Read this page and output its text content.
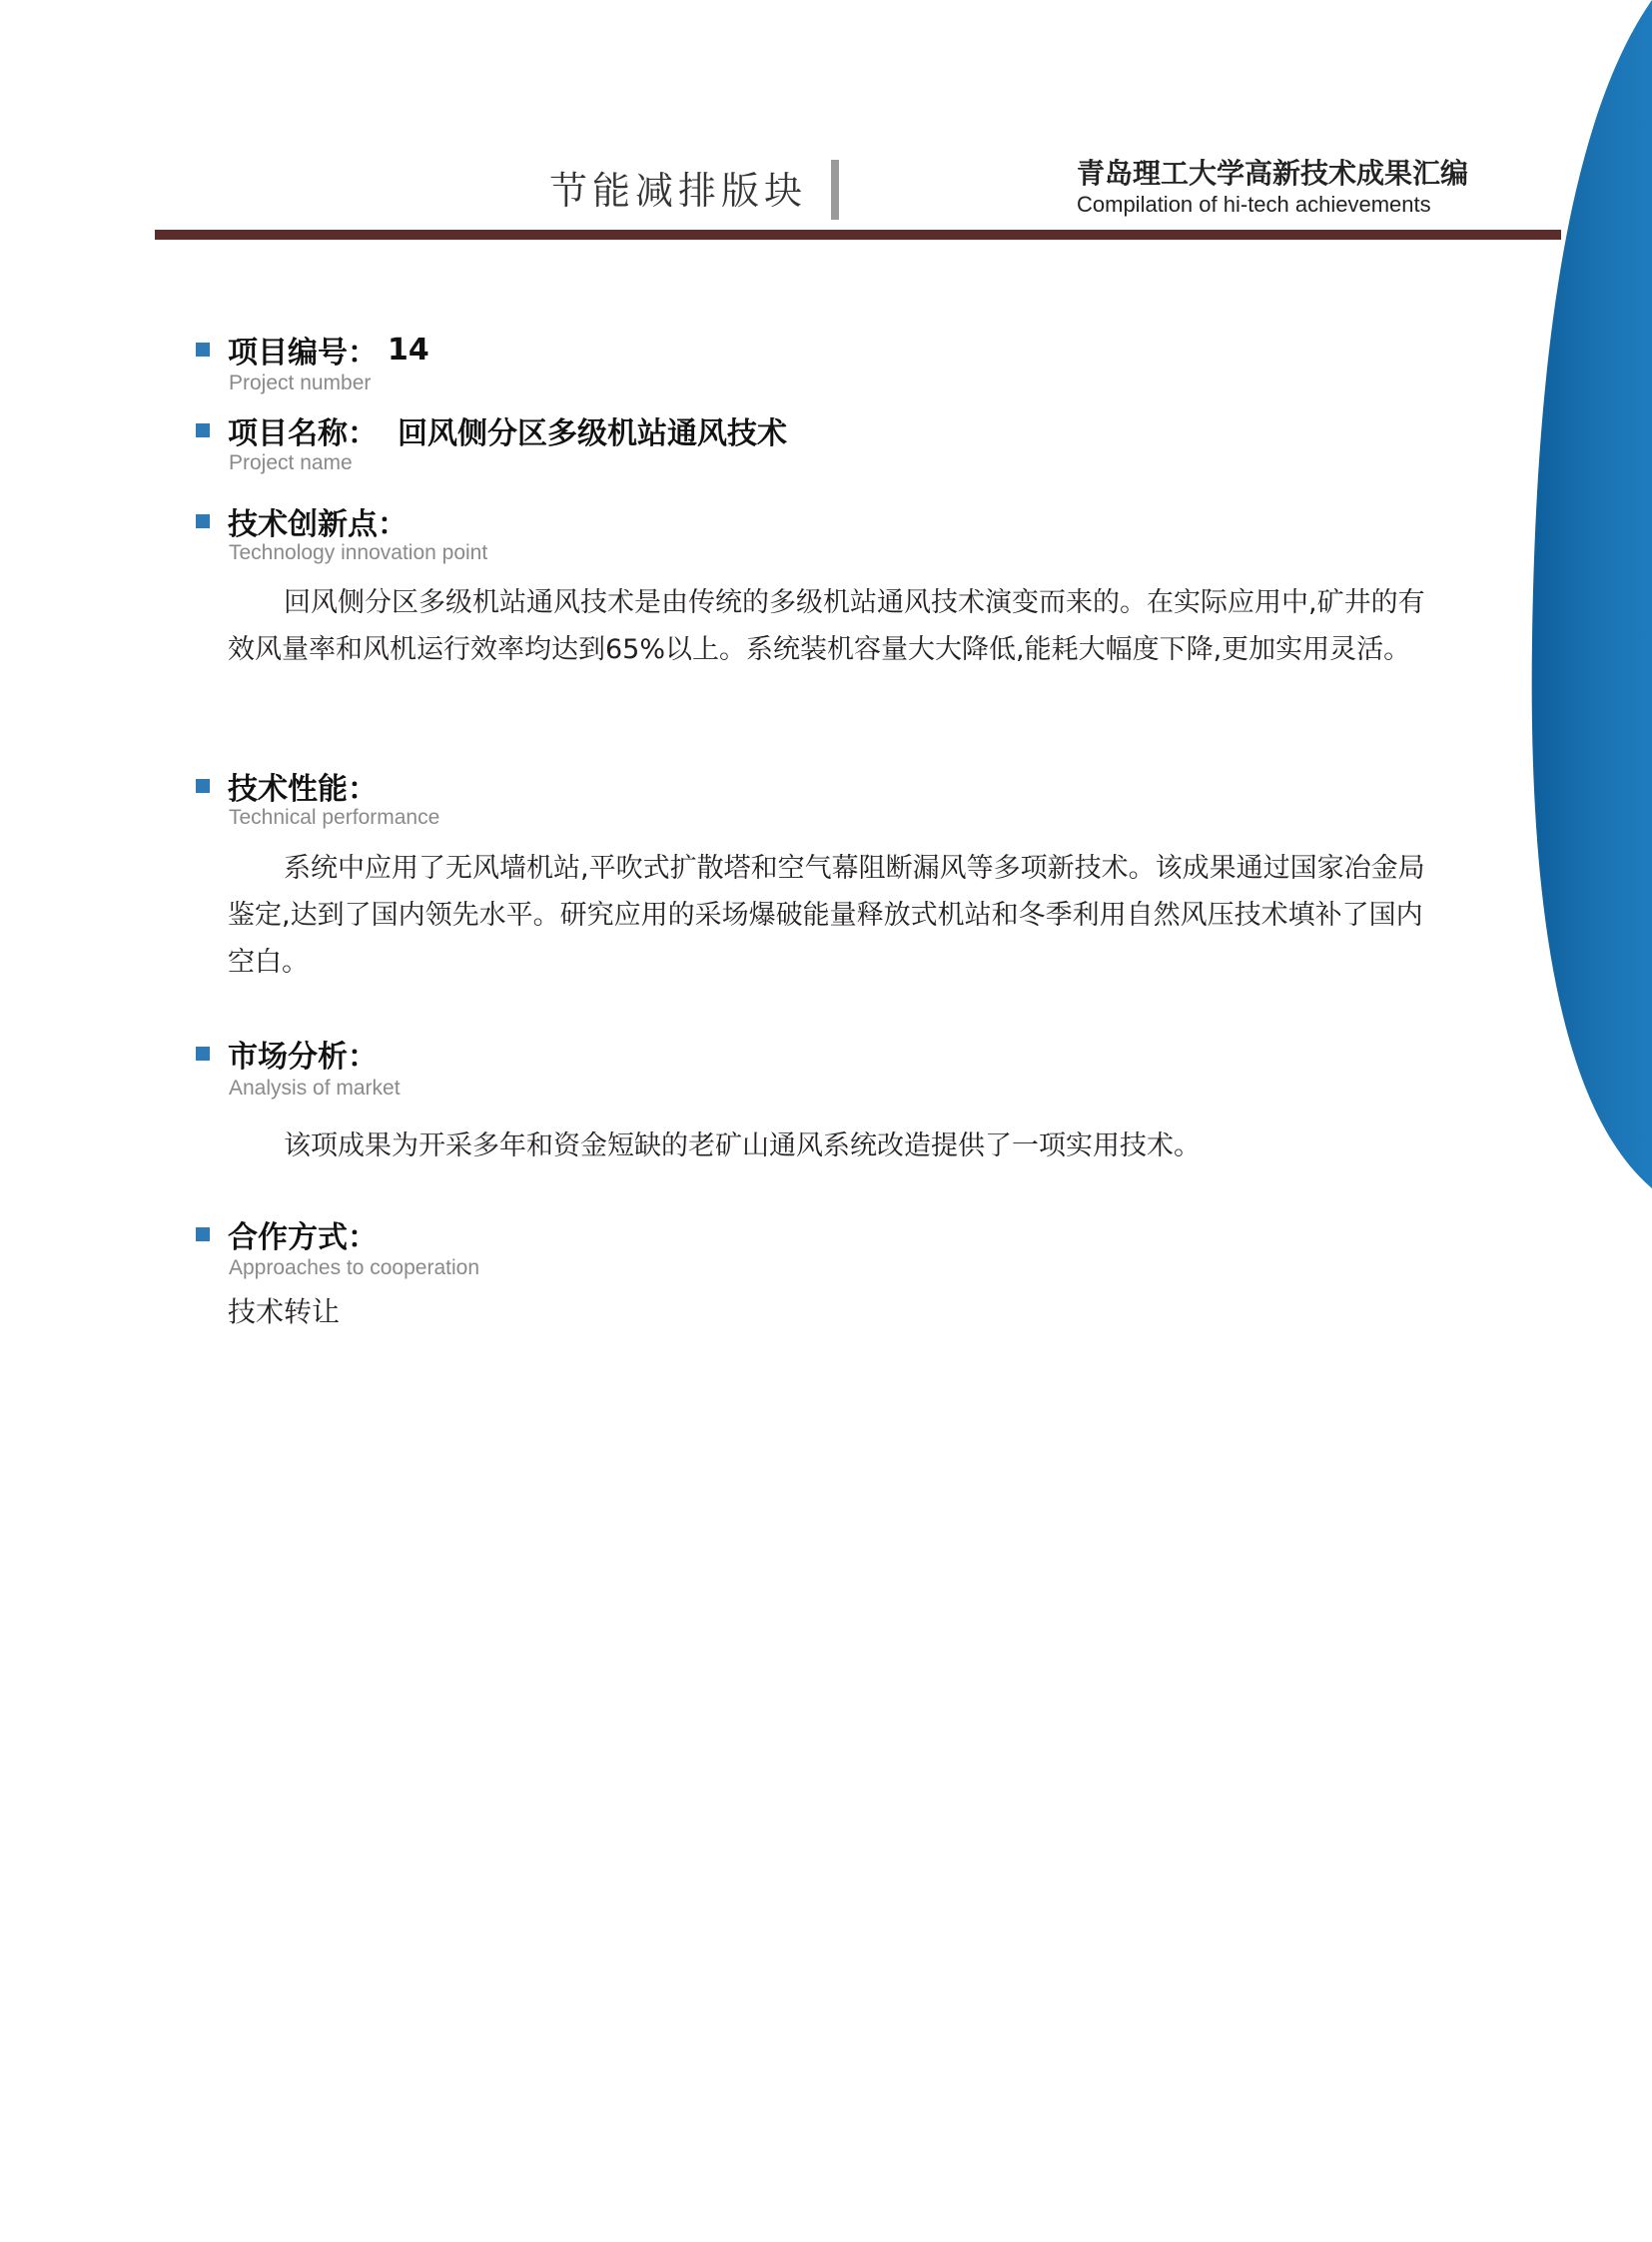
节能减排版块	青岛理工大学高新技术成果汇编
Compilation of hi-tech achievements
项目编号： 14
Project number
项目名称： 回风侧分区多级机站通风技术
Project name
技术创新点：
Technology innovation point
回风侧分区多级机站通风技术是由传统的多级机站通风技术演变而来的。在实际应用中,矿井的有效风量率和风机运行效率均达到65%以上。系统装机容量大大降低,能耗大幅度下降,更加实用灵活。
技术性能：
Technical performance
系统中应用了无风墙机站,平吹式扩散塔和空气幕阻断漏风等多项新技术。该成果通过国家冶金局鉴定,达到了国内领先水平。研究应用的采场爆破能量释放式机站和冬季利用自然风压技术填补了国内空白。
市场分析：
Analysis of market
该项成果为开采多年和资金短缺的老矿山通风系统改造提供了一项实用技术。
合作方式：
Approaches to cooperation
技术转让
